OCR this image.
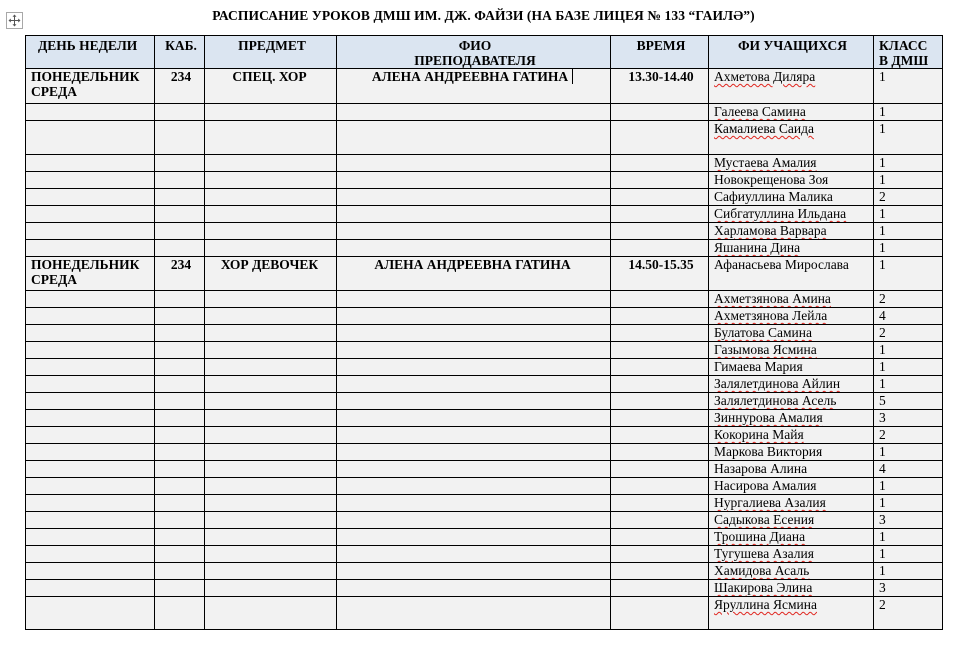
РАСПИСАНИЕ УРОКОВ ДМШ ИМ. ДЖ. ФАЙЗИ (НА БАЗЕ ЛИЦЕЯ № 133 “ГАИЛӘ”)
ДЕНЬ НЕДЕЛИ	КАБ.	ПРЕДМЕТ	ФИО
ПРЕПОДАВАТЕЛЯ	ВРЕМЯ	ФИ УЧАЩИХСЯ	КЛАСС
В ДМШ
ПОНЕДЕЛЬНИК
СРЕДА	234	СПЕЦ. ХОР	АЛЕНА АНДРЕЕВНА ГАТИНА	13.30-14.40	Ахметова Диляра	1
					Галеева Самина	1
					Камалиева Саида	1
					Мустаева Амалия	1
					Новокрещенова Зоя	1
					Сафиуллина Малика	2
					Сибгатуллина Ильдана	1
					Харламова Варвара	1
					Яшанина Дина	1
ПОНЕДЕЛЬНИК
СРЕДА	234	ХОР ДЕВОЧЕК	АЛЕНА АНДРЕЕВНА ГАТИНА	14.50-15.35	Афанасьева Мирослава	1
					Ахметзянова Амина	2
					Ахметзянова Лейла	4
					Булатова Самина	2
					Газымова Ясмина	1
					Гимаева Мария	1
					Залялетдинова Айлин	1
					Залялетдинова Асель	5
					Зиннурова Амалия	3
					Кокорина Майя	2
					Маркова Виктория	1
					Назарова Алина	4
					Насирова Амалия	1
					Нургалиева Азалия	1
					Садыкова Есения	3
					Трошина Диана	1
					Тугушева Азалия	1
					Хамидова Асаль	1
					Шакирова Элина	3
					Яруллина Ясмина	2
